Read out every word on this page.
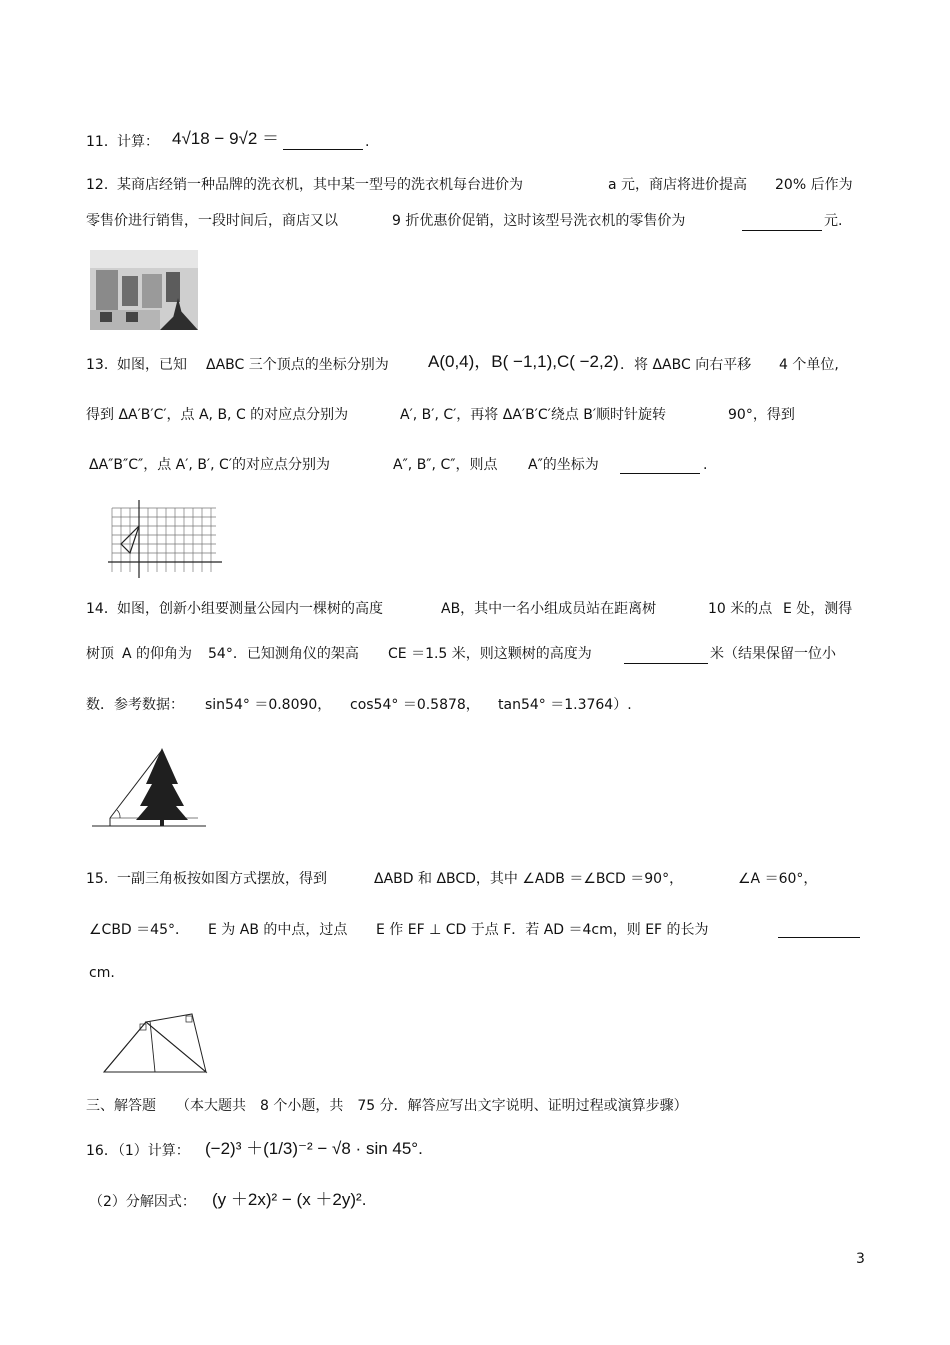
11． 计算： 4√18 − 9√2 ＝	.
12． 某商店经销一种品牌的洗衣机，其中某一型号的洗衣机每台进价为	a 元，商店将进价提高 20% 后作为
零售价进行销售，一段时间后，商店又以	9 折优惠价促销，这时该型号洗衣机的零售价为	元.
13． 如图，已知 ΔABC 三个顶点的坐标分别为 A(0,4)，B( −1,1),C( −2,2) ．将 ΔABC 向右平移 4 个单位,
得到 ΔA′B′C′，点 A, B, C 的对应点分别为	A′, B′, C′，再将 ΔA′B′C′绕点 B′顺时针旋转	90°，得到
ΔA″B″C″，点 A′, B′, C′的对应点分别为	A″, B″, C″，则点 A″的坐标为	.
14． 如图，创新小组要测量公园内一棵树的高度	AB，其中一名小组成员站在距离树	10 米的点 E 处，测得
树顶 A 的仰角为 54°．已知测角仪的架高 CE ＝1.5 米，则这颗树的高度为	米（结果保留一位小
数．参考数据： sin54° ＝0.8090， cos54° ＝0.5878， tan54° ＝1.3764）.
15． 一副三角板按如图方式摆放，得到	ΔABD 和 ΔBCD，其中 ∠ADB ＝∠BCD ＝90°，	∠A ＝60°，
∠CBD ＝45°． E 为 AB 的中点，过点 E 作 EF ⊥ CD 于点 F．若 AD ＝4cm，则 EF 的长为
cm.
三、解答题 （本大题共　8 个小题，共　75 分．解答应写出文字说明、证明过程或演算步骤）
16．（1）计算： (−2)³ ＋(1/3)⁻² − √8 · sin 45°.
（2）分解因式： (y ＋2x)² − (x ＋2y)².
3
